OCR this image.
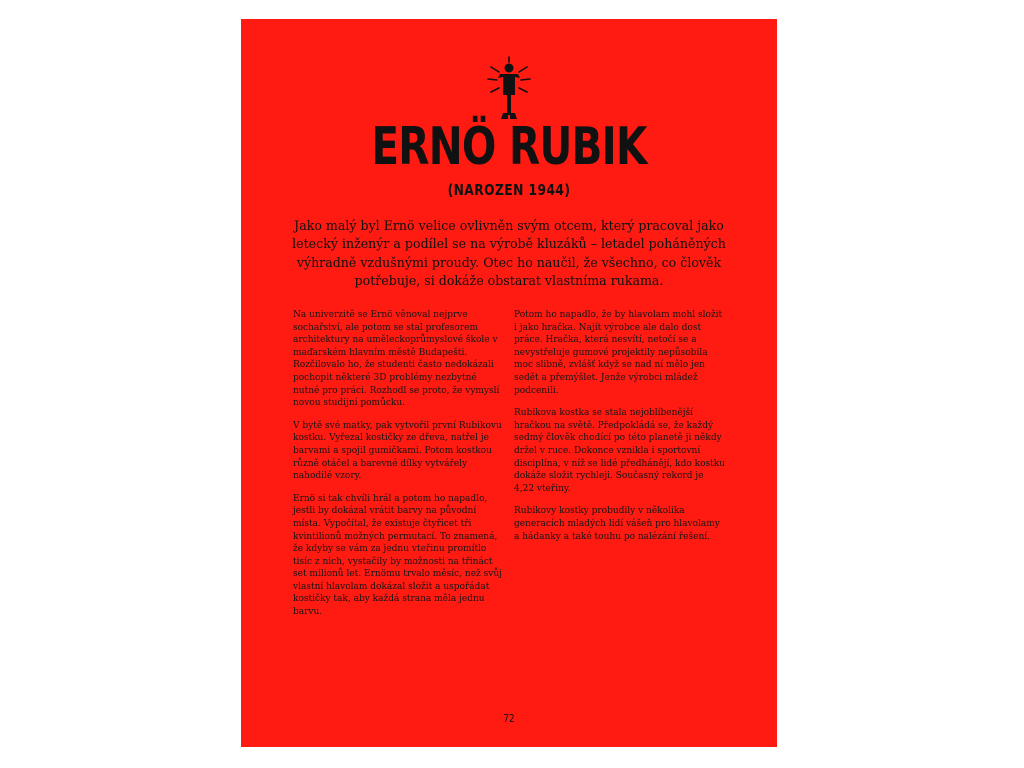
ERNÖ RUBIK
(NAROZEN 1944)
Jako malý byl Ernö velice ovlivněn svým otcem, který pracoval jako letecký inženýr a podílel se na výrobě kluzáků – letadel poháněných výhradně vzdušnými proudy. Otec ho naučil, že všechno, co člověk potřebuje, si dokáže obstarat vlastníma rukama.

Na univerzitě se Ernö věnoval nejprve sochařství, ale potom se stal profesorem architektury na uměleckoprůmyslové škole v maďarském hlavním městě Budapešti. Rozčilovalo ho, že studenti často nedokázali pochopit některé 3D problémy nezbytné nutné pro práci. Rozhodl se proto, že vymyslí novou studijní pomůcku.

V bytě své matky, pak vytvořil první Rubikovu kostku. Vyřezal kostičky ze dřeva, natřel je barvami a spojil gumičkami. Potom kostkou různě otáčel a barevné dílky vytvářely nahodilé vzory.

Ernö si tak chvíli hrál a potom ho napadlo, jestli by dokázal vrátit barvy na původní místa. Vypočítal, že existuje čtyřicet tři kvintilionů možných permutací. To znamená, že kdyby se vám za jednu vteřinu promítlo tisíc z nich, vystačily by možnosti na třináct set milionů let. Ernömu trvalo měsíc, než svůj vlastní hlavolam dokázal složit a uspořádat kostičky tak, aby každá strana měla jednu barvu.

Potom ho napadlo, že by hlavolam mohl složit i jako hračka. Najít výrobce ale dalo dost práce. Hračka, která nesvítí, netočí se a nevystřeluje gumové projektily nepůsobila moc slibně, zvlášť když se nad ní mělo jen sedět a přemýšlet. Jenže výrobci mládež podcenili.

Rubikova kostka se stala nejoblíbenější hračkou na světě. Předpokládá se, že každý sedmý člověk chodící po této planetě ji někdy držel v ruce. Dokonce vznikla i sportovní disciplína, v níž se lidé předhánějí, kdo kostku dokáže složit rychleji. Současný rekord je 4,22 vteřiny.

Rubikovy kostky probudily v několika generacích mladých lidí vášeň pro hlavolamy a hádanky a také touhu po nalézání řešení.

72
